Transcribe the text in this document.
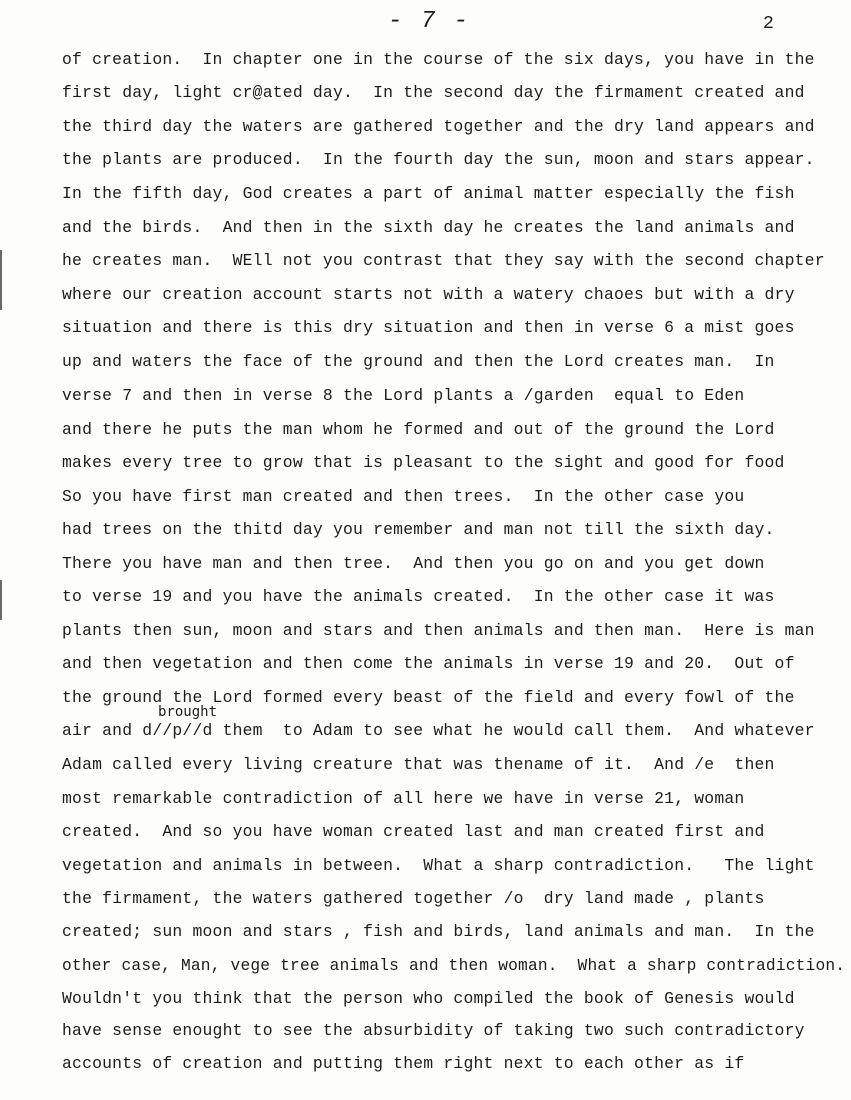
- 7 -	2
of creation.  In chapter one in the course of the six days, you have in the
first day, light cr@ated day.  In the second day the firmament created and
the third day the waters are gathered together and the dry land appears and
the plants are produced.  In the fourth day the sun, moon and stars appear.
In the fifth day, God creates a part of animal matter especially the fish
and the birds.  And then in the sixth day he creates the land animals and
he creates man.  WEll not you contrast that they say with the second chapter
where our creation account starts not with a watery chaoes but with a dry
situation and there is this dry situation and then in verse 6 a mist goes
up and waters the face of the ground and then the Lord creates man.  In
verse 7 and then in verse 8 the Lord plants a /garden  equal to Eden
and there he puts the man whom he formed and out of the ground the Lord
makes every tree to grow that is pleasant to the sight and good for food
So you have first man created and then trees.  In the other case you
had trees on the thitd day you remember and man not till the sixth day.
There you have man and then tree.  And then you go on and you get down
to verse 19 and you have the animals created.  In the other case it was
plants then sun, moon and stars and then animals and then man.  Here is man
and then vegetation and then come the animals in verse 19 and 20.  Out of
the ground the Lord formed every beast of the field and every fowl of the
brought
air and d//p//d them  to Adam to see what he would call them.  And whatever
Adam called every living creature that was thename of it.  And /e  then
most remarkable contradiction of all here we have in verse 21, woman
created.  And so you have woman created last and man created first and
vegetation and animals in between.  What a sharp contradiction.   The light
the firmament, the waters gathered together /o  dry land made , plants
created; sun moon and stars , fish and birds, land animals and man.  In the
other case, Man, vege tree animals and then woman.  What a sharp contradiction.
Wouldn't you think that the person who compiled the book of Genesis would
have sense enought to see the absurbidity of taking two such contradictory
accounts of creation and putting them right next to each other as if
